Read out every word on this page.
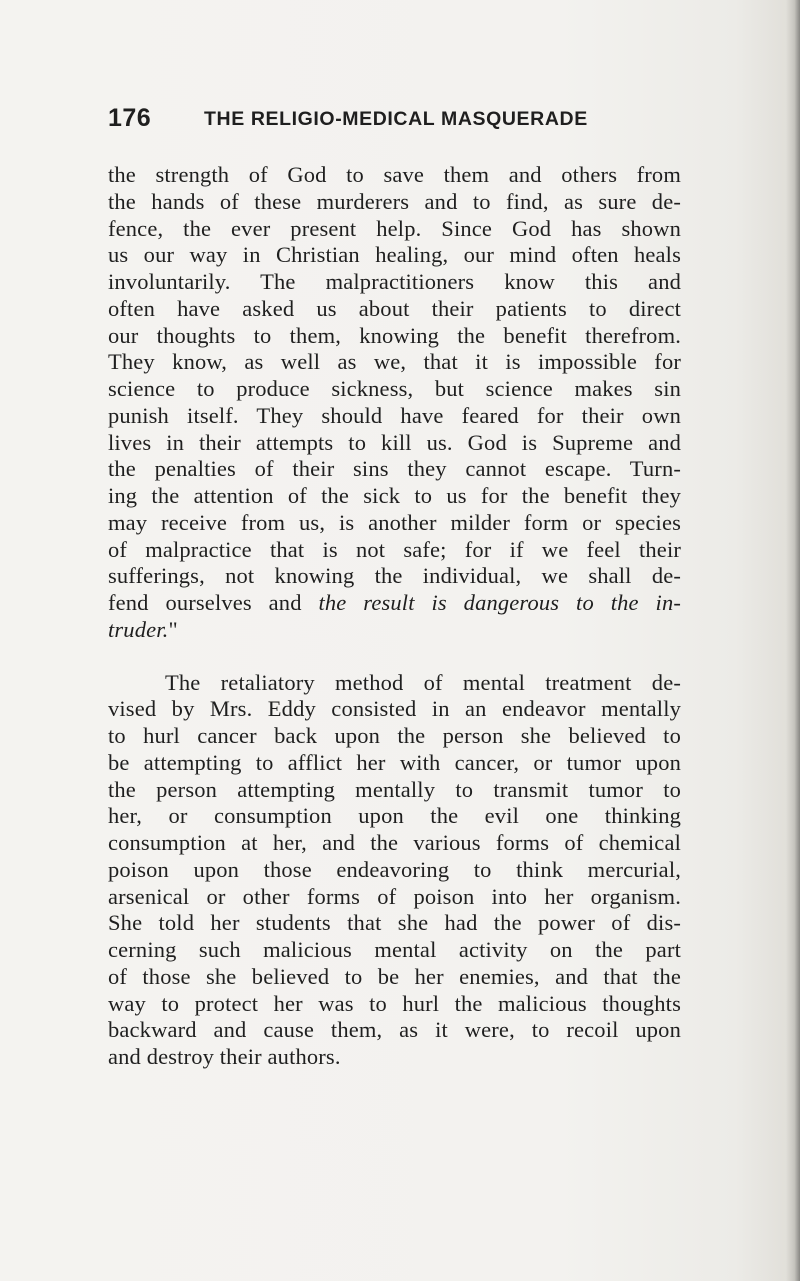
176	THE RELIGIO-MEDICAL MASQUERADE
the strength of God to save them and others from
the hands of these murderers and to find, as sure de-
fence, the ever present help. Since God has shown
us our way in Christian healing, our mind often heals
involuntarily. The malpractitioners know this and
often have asked us about their patients to direct
our thoughts to them, knowing the benefit therefrom.
They know, as well as we, that it is impossible for
science to produce sickness, but science makes sin
punish itself. They should have feared for their own
lives in their attempts to kill us. God is Supreme and
the penalties of their sins they cannot escape. Turn-
ing the attention of the sick to us for the benefit they
may receive from us, is another milder form or species
of malpractice that is not safe; for if we feel their
sufferings, not knowing the individual, we shall de-
fend ourselves and the result is dangerous to the in-
truder."
The retaliatory method of mental treatment de-
vised by Mrs. Eddy consisted in an endeavor mentally
to hurl cancer back upon the person she believed to
be attempting to afflict her with cancer, or tumor upon
the person attempting mentally to transmit tumor to
her, or consumption upon the evil one thinking
consumption at her, and the various forms of chemical
poison upon those endeavoring to think mercurial,
arsenical or other forms of poison into her organism.
She told her students that she had the power of dis-
cerning such malicious mental activity on the part
of those she believed to be her enemies, and that the
way to protect her was to hurl the malicious thoughts
backward and cause them, as it were, to recoil upon
and destroy their authors.
